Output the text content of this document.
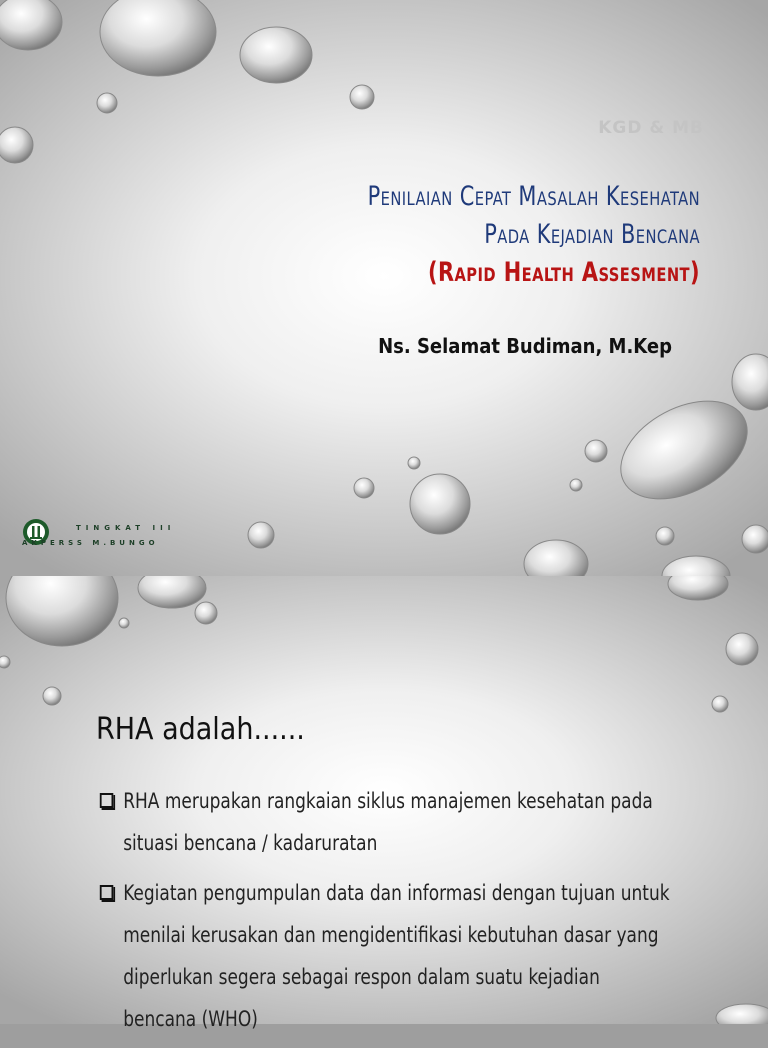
KGD & MB
Penilaian Cepat Masalah Kesehatan
Pada Kejadian Bencana
(Rapid Health Assesment)
Ns. Selamat Budiman, M.Kep
TINGKAT III
AKPERSS M.BUNGO
RHA adalah......
RHA merupakan rangkaian siklus manajemen kesehatan pada situasi bencana / kadaruratan
Kegiatan pengumpulan data dan informasi dengan tujuan untuk menilai kerusakan dan mengidentifikasi kebutuhan dasar yang diperlukan segera sebagai respon dalam suatu kejadian bencana (WHO)
